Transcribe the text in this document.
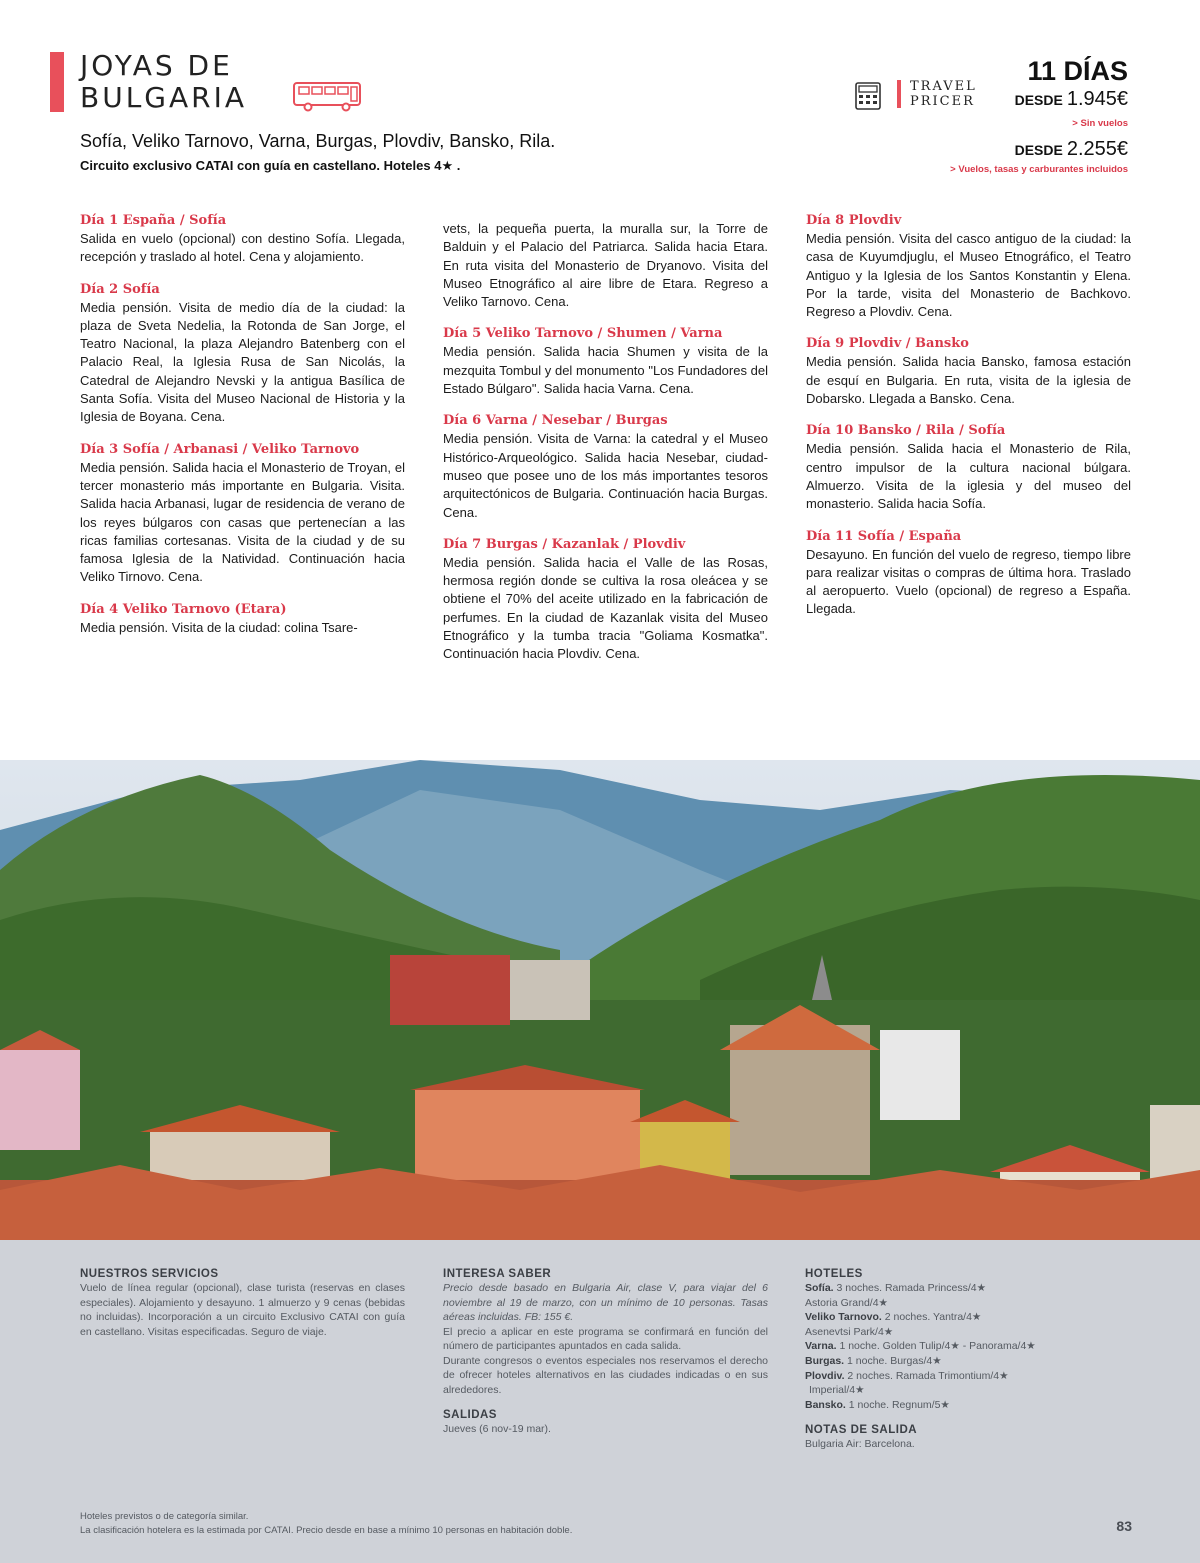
JOYAS DE
BULGARIA
Sofía, Veliko Tarnovo, Varna, Burgas, Plovdiv, Bansko, Rila.
Circuito exclusivo CATAI con guía en castellano. Hoteles 4★ .
TRAVEL
PRICER
11 DÍAS
DESDE 1.945€
> Sin vuelos
DESDE 2.255€
> Vuelos, tasas y carburantes incluidos
Día 1 España / Sofía
Salida en vuelo (opcional) con destino Sofía. Llegada, recepción y traslado al hotel. Cena y alojamiento.
Día 2 Sofía
Media pensión. Visita de medio día de la ciudad: la plaza de Sveta Nedelia, la Rotonda de San Jorge, el Teatro Nacional, la plaza Alejandro Batenberg con el Palacio Real, la Iglesia Rusa de San Nicolás, la Catedral de Alejandro Nevski y la antigua Basílica de Santa Sofía. Visita del Museo Nacional de Historia y la Iglesia de Boyana. Cena.
Día 3 Sofía / Arbanasi / Veliko Tarnovo
Media pensión. Salida hacia el Monasterio de Troyan, el tercer monasterio más importante en Bulgaria. Visita. Salida hacia Arbanasi, lugar de residencia de verano de los reyes búlgaros con casas que pertenecían a las ricas familias cortesanas. Visita de la ciudad y de su famosa Iglesia de la Natividad. Continuación hacia Veliko Tirnovo. Cena.
Día 4 Veliko Tarnovo (Etara)
Media pensión. Visita de la ciudad: colina Tsare-
vets, la pequeña puerta, la muralla sur, la Torre de Balduin y el Palacio del Patriarca. Salida hacia Etara. En ruta visita del Monasterio de Dryanovo. Visita del Museo Etnográfico al aire libre de Etara. Regreso a Veliko Tarnovo. Cena.
Día 5 Veliko Tarnovo / Shumen / Varna
Media pensión. Salida hacia Shumen y visita de la mezquita Tombul y del monumento "Los Fundadores del Estado Búlgaro". Salida hacia Varna. Cena.
Día 6 Varna / Nesebar / Burgas
Media pensión. Visita de Varna: la catedral y el Museo Histórico-Arqueológico. Salida hacia Nesebar, ciudad-museo que posee uno de los más importantes tesoros arquitectónicos de Bulgaria. Continuación hacia Burgas. Cena.
Día 7 Burgas / Kazanlak / Plovdiv
Media pensión. Salida hacia el Valle de las Rosas, hermosa región donde se cultiva la rosa oleácea y se obtiene el 70% del aceite utilizado en la fabricación de perfumes. En la ciudad de Kazanlak visita del Museo Etnográfico y la tumba tracia "Goliama Kosmatka". Continuación hacia Plovdiv. Cena.
Día 8 Plovdiv
Media pensión. Visita del casco antiguo de la ciudad: la casa de Kuyumdjuglu, el Museo Etnográfico, el Teatro Antiguo y la Iglesia de los Santos Konstantin y Elena. Por la tarde, visita del Monasterio de Bachkovo. Regreso a Plovdiv. Cena.
Día 9 Plovdiv / Bansko
Media pensión. Salida hacia Bansko, famosa estación de esquí en Bulgaria. En ruta, visita de la iglesia de Dobarsko. Llegada a Bansko. Cena.
Día 10 Bansko / Rila / Sofía
Media pensión. Salida hacia el Monasterio de Rila, centro impulsor de la cultura nacional búlgara. Almuerzo. Visita de la iglesia y del museo del monasterio. Salida hacia Sofía.
Día 11 Sofía / España
Desayuno. En función del vuelo de regreso, tiempo libre para realizar visitas o compras de última hora. Traslado al aeropuerto. Vuelo (opcional) de regreso a España. Llegada.
NUESTROS SERVICIOS
Vuelo de línea regular (opcional), clase turista (reservas en clases especiales). Alojamiento y desayuno. 1 almuerzo y 9 cenas (bebidas no incluidas). Incorporación a un circuito Exclusivo CATAI con guía en castellano. Visitas especificadas. Seguro de viaje.
INTERESA SABER
Precio desde basado en Bulgaria Air, clase V, para viajar del 6 noviembre al 19 de marzo, con un mínimo de 10 personas. Tasas aéreas incluidas. FB: 155 €.
El precio a aplicar en este programa se confirmará en función del número de participantes apuntados en cada salida.
Durante congresos o eventos especiales nos reservamos el derecho de ofrecer hoteles alternativos en las ciudades indicadas o en sus alrededores.
SALIDAS
Jueves (6 nov-19 mar).
HOTELES
Sofía. 3 noches. Ramada Princess/4★
Astoria Grand/4★
Veliko Tarnovo. 2 noches. Yantra/4★
Asenevtsi Park/4★
Varna. 1 noche. Golden Tulip/4★ - Panorama/4★
Burgas. 1 noche. Burgas/4★
Plovdiv. 2 noches. Ramada Trimontium/4★
Imperial/4★
Bansko. 1 noche. Regnum/5★
NOTAS DE SALIDA
Bulgaria Air: Barcelona.
Hoteles previstos o de categoría similar.
La clasificación hotelera es la estimada por CATAI. Precio desde en base a mínimo 10 personas en habitación doble.	83
